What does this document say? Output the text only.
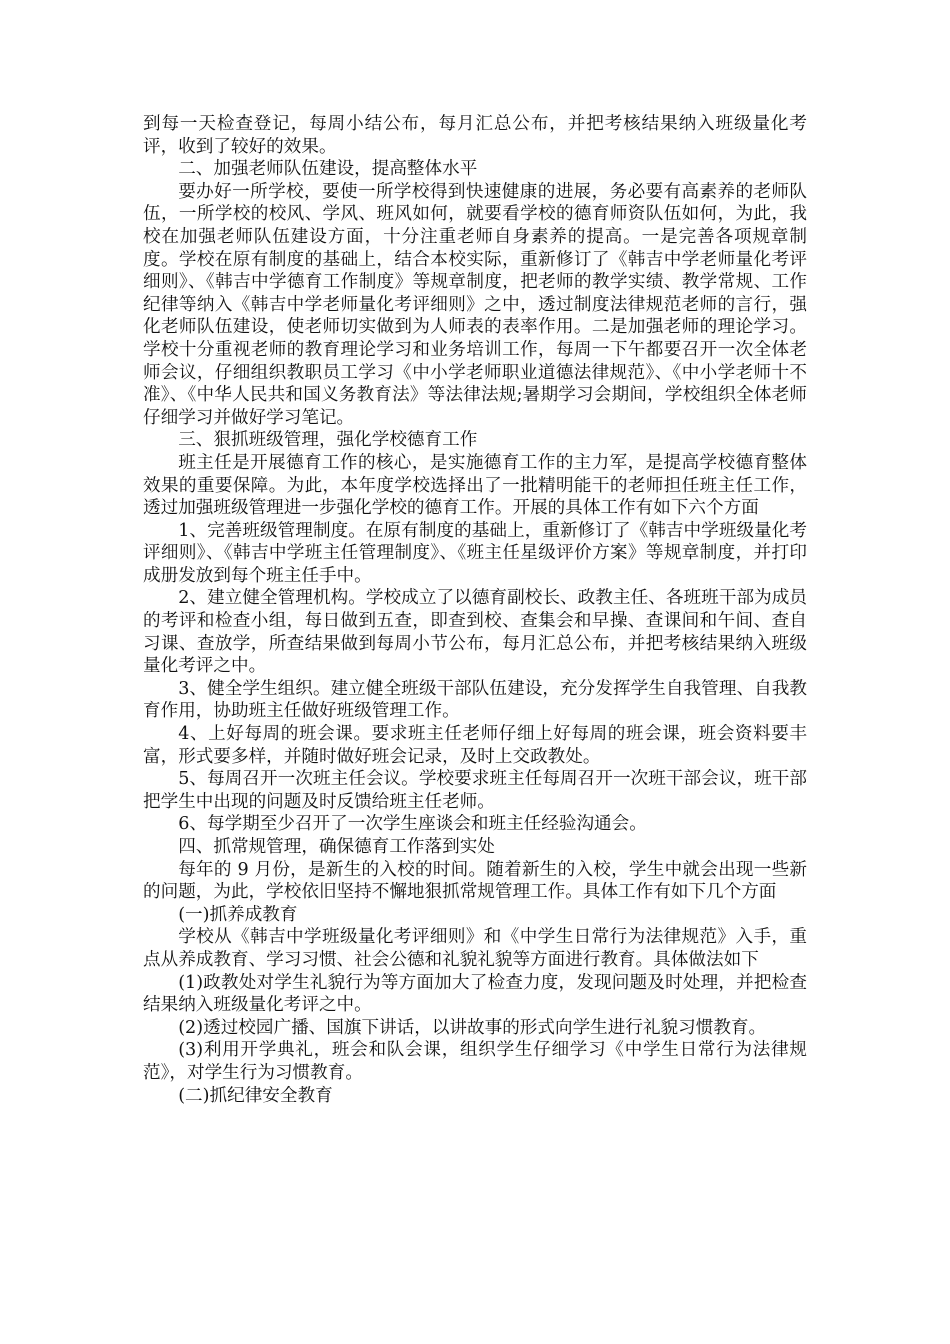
到每一天检查登记，每周小结公布，每月汇总公布，并把考核结果纳入班级量化考评，收到了较好的效果。

二、加强老师队伍建设，提高整体水平

要办好一所学校，要使一所学校得到快速健康的进展，务必要有高素养的老师队伍，一所学校的校风、学风、班风如何，就要看学校的德育师资队伍如何，为此，我校在加强老师队伍建设方面，十分注重老师自身素养的提高。一是完善各项规章制度。学校在原有制度的基础上，结合本校实际，重新修订了《韩吉中学老师量化考评细则》、《韩吉中学德育工作制度》等规章制度，把老师的教学实绩、教学常规、工作纪律等纳入《韩吉中学老师量化考评细则》之中，透过制度法律规范老师的言行，强化老师队伍建设，使老师切实做到为人师表的表率作用。二是加强老师的理论学习。学校十分重视老师的教育理论学习和业务培训工作，每周一下午都要召开一次全体老师会议，仔细组织教职员工学习《中小学老师职业道德法律规范》、《中小学老师十不准》、《中华人民共和国义务教育法》等法律法规;暑期学习会期间，学校组织全体老师仔细学习并做好学习笔记。

三、狠抓班级管理，强化学校德育工作

班主任是开展德育工作的核心，是实施德育工作的主力军，是提高学校德育整体效果的重要保障。为此，本年度学校选择出了一批精明能干的老师担任班主任工作，透过加强班级管理进一步强化学校的德育工作。开展的具体工作有如下六个方面

1、完善班级管理制度。在原有制度的基础上，重新修订了《韩吉中学班级量化考评细则》、《韩吉中学班主任管理制度》、《班主任星级评价方案》等规章制度，并打印成册发放到每个班主任手中。

2、建立健全管理机构。学校成立了以德育副校长、政教主任、各班班干部为成员的考评和检查小组，每日做到五查，即查到校、查集会和早操、查课间和午间、查自习课、查放学，所查结果做到每周小节公布，每月汇总公布，并把考核结果纳入班级量化考评之中。

3、健全学生组织。建立健全班级干部队伍建设，充分发挥学生自我管理、自我教育作用，协助班主任做好班级管理工作。

4、上好每周的班会课。要求班主任老师仔细上好每周的班会课，班会资料要丰富，形式要多样，并随时做好班会记录，及时上交政教处。

5、每周召开一次班主任会议。学校要求班主任每周召开一次班干部会议，班干部把学生中出现的问题及时反馈给班主任老师。

6、每学期至少召开了一次学生座谈会和班主任经验沟通会。

四、抓常规管理，确保德育工作落到实处

每年的 9 月份，是新生的入校的时间。随着新生的入校，学生中就会出现一些新的问题，为此，学校依旧坚持不懈地狠抓常规管理工作。具体工作有如下几个方面

(一)抓养成教育

学校从《韩吉中学班级量化考评细则》和《中学生日常行为法律规范》入手，重点从养成教育、学习习惯、社会公德和礼貌礼貌等方面进行教育。具体做法如下

(1)政教处对学生礼貌行为等方面加大了检查力度，发现问题及时处理，并把检查结果纳入班级量化考评之中。

(2)透过校园广播、国旗下讲话，以讲故事的形式向学生进行礼貌习惯教育。

(3)利用开学典礼，班会和队会课，组织学生仔细学习《中学生日常行为法律规范》，对学生行为习惯教育。

(二)抓纪律安全教育
